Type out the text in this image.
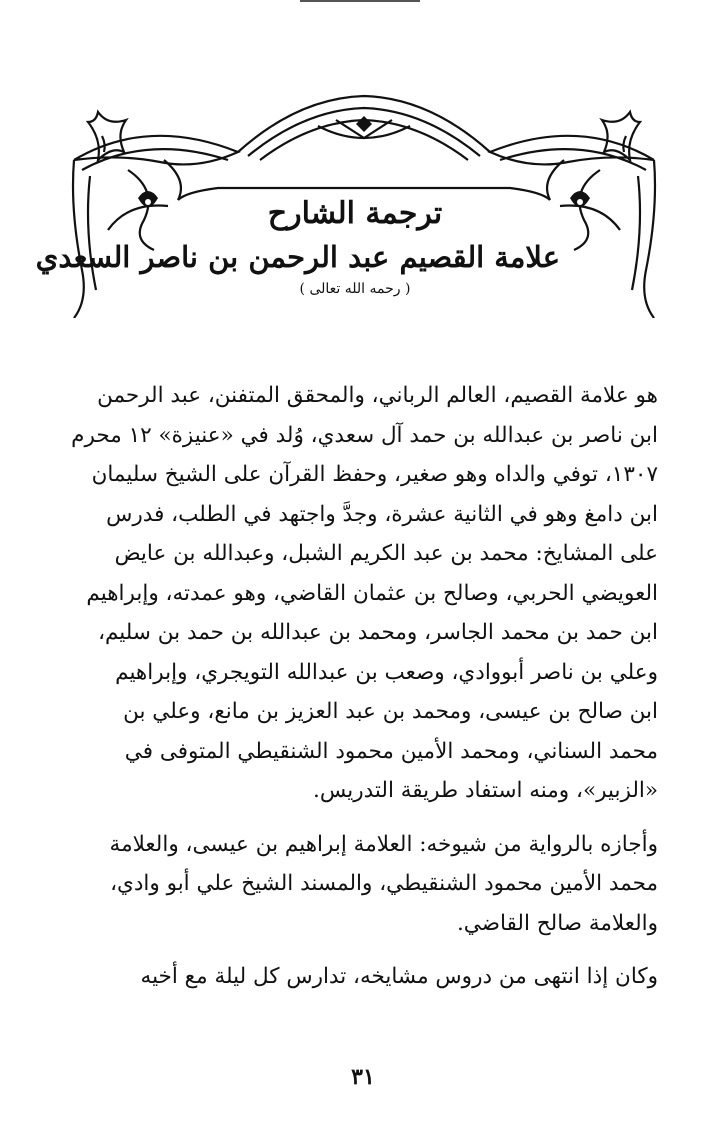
ترجمة الشارح
علامة القصيم عبد الرحمن بن ناصر السعدي
( رحمه الله تعالى )

هو علامة القصيم، العالم الرباني، والمحقق المتفنن، عبد الرحمن
ابن ناصر بن عبدالله بن حمد آل سعدي، وُلد في «عنيزة» ١٢ محرم
١٣٠٧، توفي والداه وهو صغير، وحفظ القرآن على الشيخ سليمان
ابن دامغ وهو في الثانية عشرة، وجدَّ واجتهد في الطلب، فدرس
على المشايخ: محمد بن عبد الكريم الشبل، وعبدالله بن عايض
العويضي الحربي، وصالح بن عثمان القاضي، وهو عمدته، وإبراهيم
ابن حمد بن محمد الجاسر، ومحمد بن عبدالله بن حمد بن سليم،
وعلي بن ناصر أبووادي، وصعب بن عبدالله التويجري، وإبراهيم
ابن صالح بن عيسى، ومحمد بن عبد العزيز بن مانع، وعلي بن
محمد السناني، ومحمد الأمين محمود الشنقيطي المتوفى في
«الزبير»، ومنه استفاد طريقة التدريس.

وأجازه بالرواية من شيوخه: العلامة إبراهيم بن عيسى، والعلامة
محمد الأمين محمود الشنقيطي، والمسند الشيخ علي أبو وادي،
والعلامة صالح القاضي.

وكان إذا انتهى من دروس مشايخه، تدارس كل ليلة مع أخيه

٣١
